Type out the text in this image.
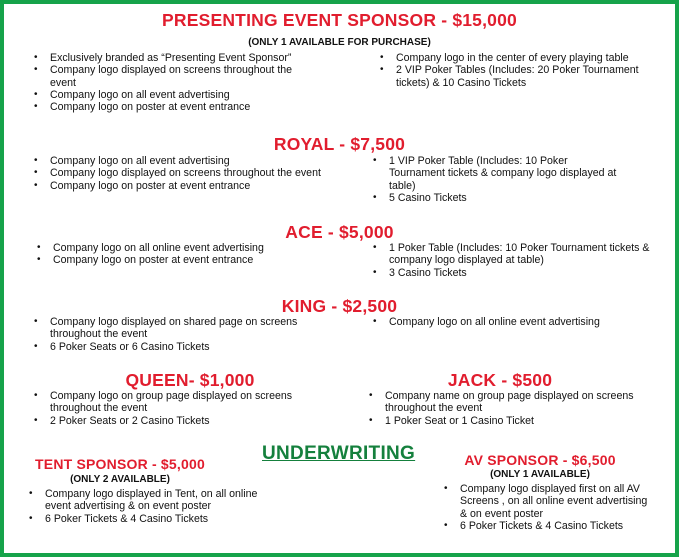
PRESENTING EVENT SPONSOR - $15,000
(ONLY 1 AVAILABLE FOR PURCHASE)
• Exclusively branded as “Presenting Event Sponsor”
• Company logo displayed on screens throughout the event
• Company logo on all event advertising
• Company logo on poster at event entrance
• Company logo in the center of every playing table
• 2 VIP Poker Tables (Includes: 20 Poker Tournament tickets) & 10 Casino Tickets
ROYAL - $7,500
• Company logo on all event advertising
• Company logo displayed on screens throughout the event
• Company logo on poster at event entrance
• 1 VIP Poker Table (Includes: 10 Poker Tournament tickets & company logo displayed at table)
• 5 Casino Tickets
ACE - $5,000
• Company logo on all online event advertising
• Company logo on poster at event entrance
• 1 Poker Table (Includes: 10 Poker Tournament tickets & company logo displayed at table)
• 3 Casino Tickets
KING - $2,500
• Company logo displayed on shared page on screens throughout the event
• 6 Poker Seats or 6 Casino Tickets
• Company logo on all online event advertising
QUEEN- $1,000
• Company logo on group page displayed on screens throughout the event
• 2 Poker Seats or 2 Casino Tickets
JACK - $500
• Company name on group page displayed on screens throughout the event
• 1 Poker Seat or 1 Casino Ticket
UNDERWRITING
TENT SPONSOR - $5,000
(ONLY 2 AVAILABLE)
• Company logo displayed in Tent, on all online event advertising & on event poster
• 6 Poker Tickets & 4 Casino Tickets
AV SPONSOR - $6,500
(ONLY 1 AVAILABLE)
• Company logo displayed first on all AV Screens , on all online event advertising & on event poster
• 6 Poker Tickets & 4 Casino Tickets
